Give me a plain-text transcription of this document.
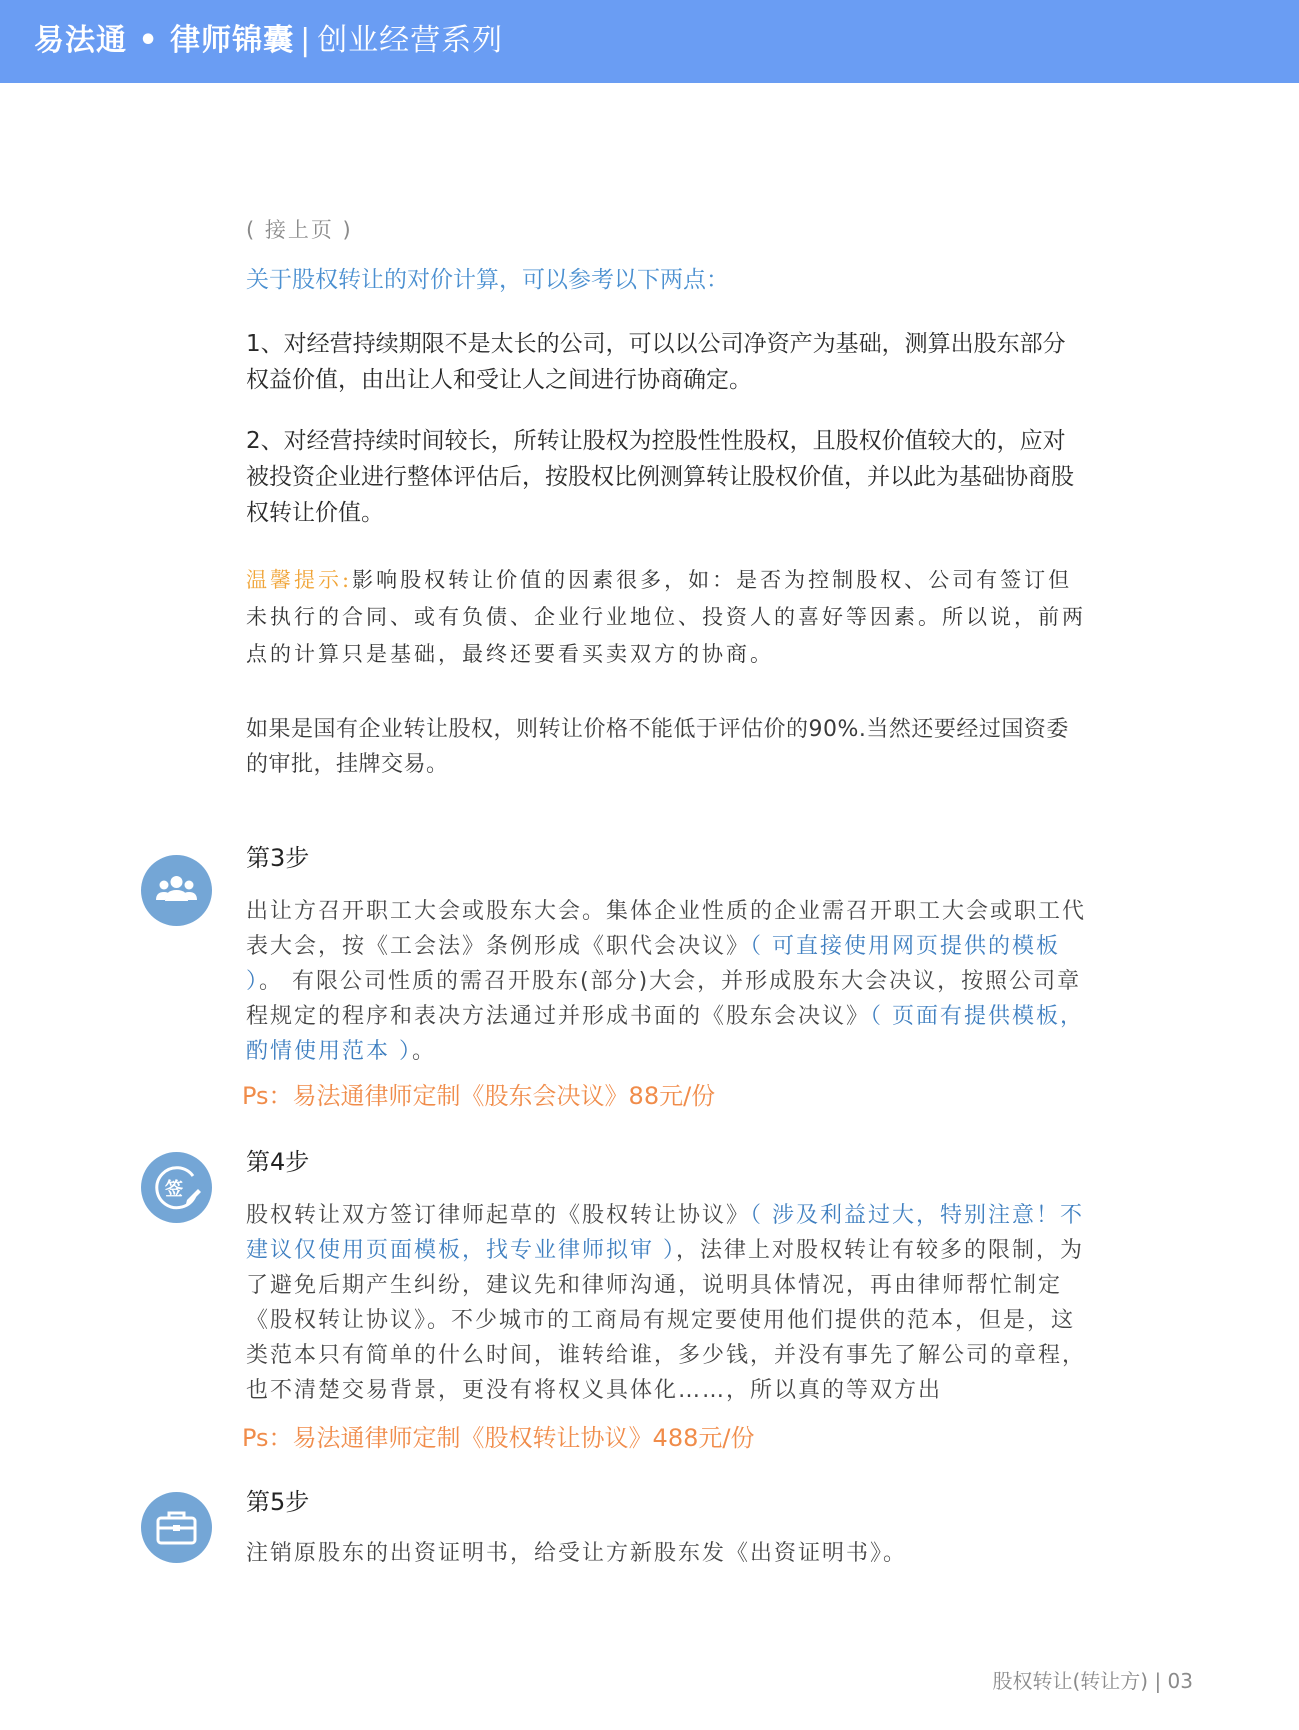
易法通 • 律师锦囊 | 创业经营系列
( 接上页 )
关于股权转让的对价计算，可以参考以下两点：
1、对经营持续期限不是太长的公司，可以以公司净资产为基础，测算出股东部分权益价值，由出让人和受让人之间进行协商确定。
2、对经营持续时间较长，所转让股权为控股性性股权，且股权价值较大的，应对被投资企业进行整体评估后，按股权比例测算转让股权价值，并以此为基础协商股权转让价值。
温馨提示:影响股权转让价值的因素很多，如：是否为控制股权、公司有签订但未执行的合同、或有负债、企业行业地位、投资人的喜好等因素。所以说，前两点的计算只是基础，最终还要看买卖双方的协商。
如果是国有企业转让股权，则转让价格不能低于评估价的90%.当然还要经过国资委的审批，挂牌交易。
第3步
出让方召开职工大会或股东大会。集体企业性质的企业需召开职工大会或职工代表大会，按《工会法》条例形成《职代会决议》（ 可直接使用网页提供的模板 ）。 有限公司性质的需召开股东(部分)大会，并形成股东大会决议，按照公司章程规定的程序和表决方法通过并形成书面的《股东会决议》（ 页面有提供模板，酌情使用范本 ）。
Ps：易法通律师定制《股东会决议》88元/份
签
第4步
股权转让双方签订律师起草的《股权转让协议》（ 涉及利益过大，特别注意！不建议仅使用页面模板，找专业律师拟审 ），法律上对股权转让有较多的限制，为了避免后期产生纠纷，建议先和律师沟通，说明具体情况，再由律师帮忙制定《股权转让协议》。不少城市的工商局有规定要使用他们提供的范本，但是，这类范本只有简单的什么时间，谁转给谁，多少钱，并没有事先了解公司的章程，也不清楚交易背景，更没有将权义具体化……，所以真的等双方出
Ps：易法通律师定制《股权转让协议》488元/份
第5步
注销原股东的出资证明书，给受让方新股东发《出资证明书》。
股权转让(转让方) | 03
